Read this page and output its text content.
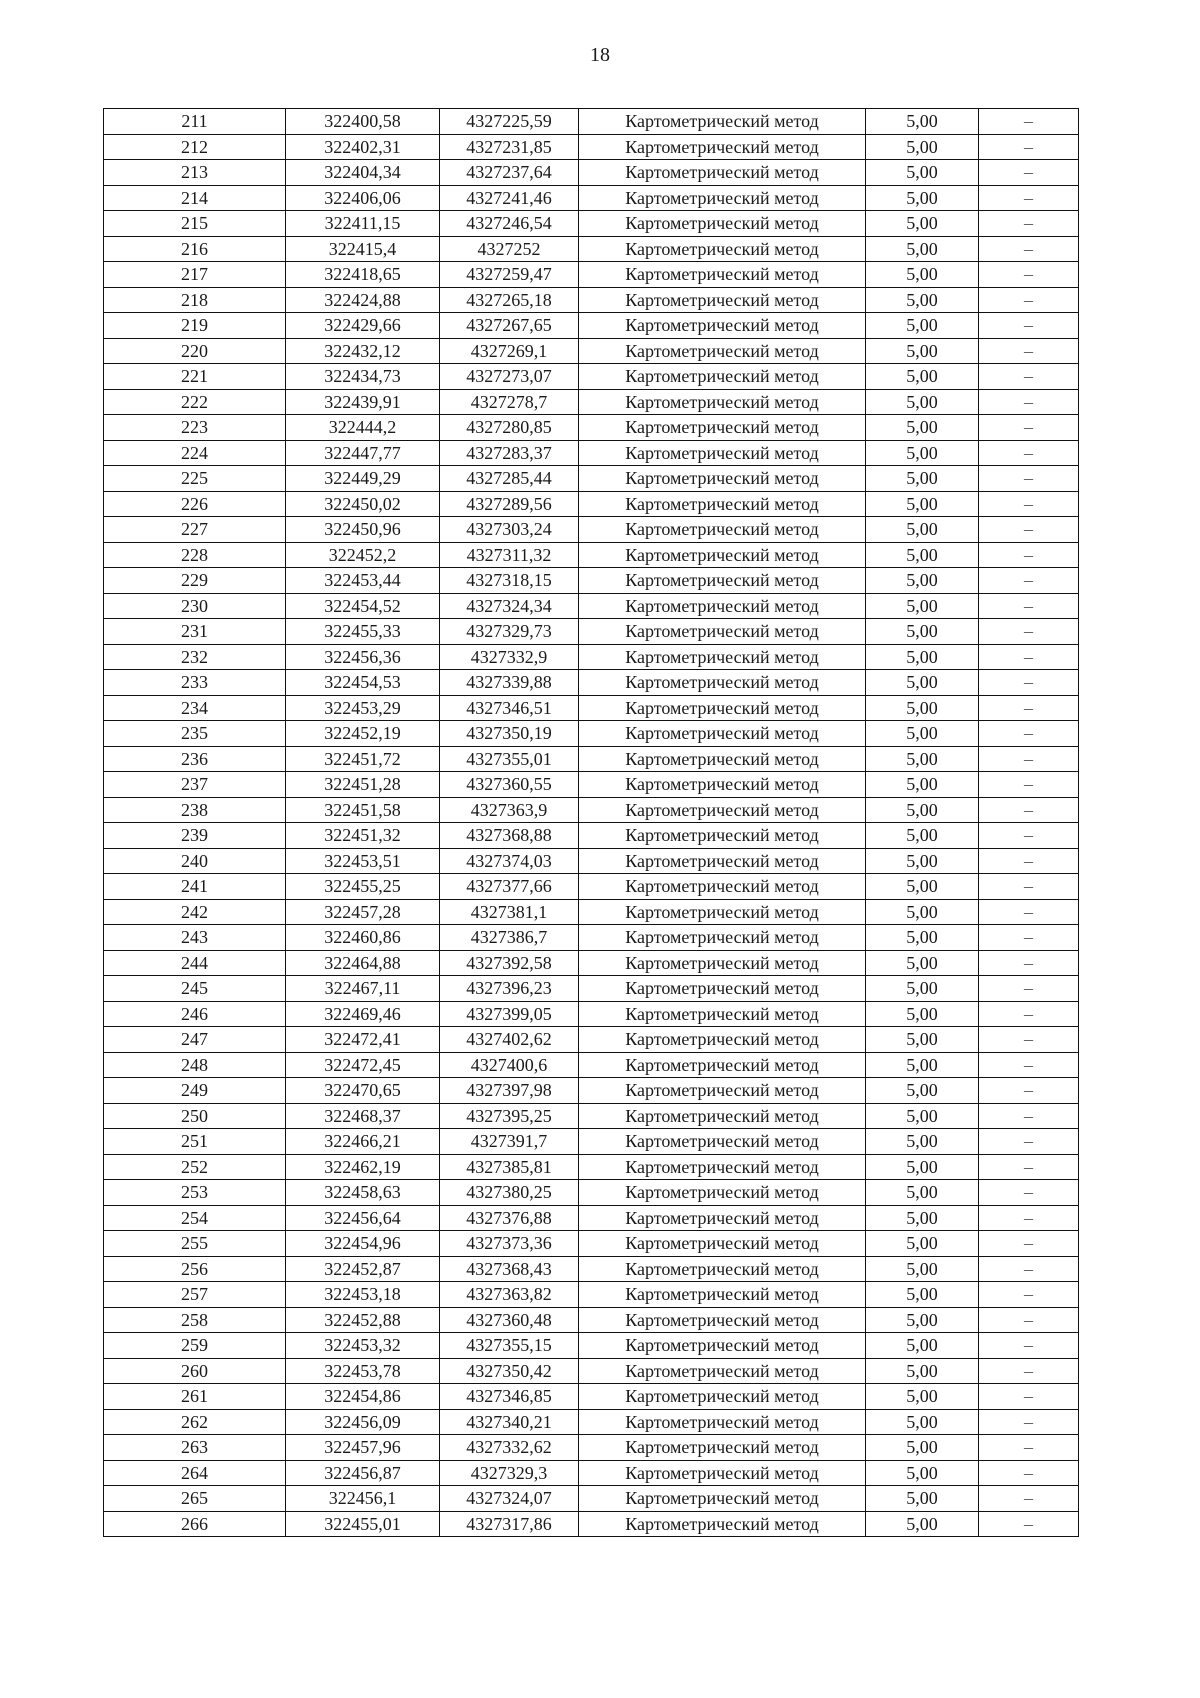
18
211	322400,58	4327225,59	Картометрический метод	5,00	–
212	322402,31	4327231,85	Картометрический метод	5,00	–
213	322404,34	4327237,64	Картометрический метод	5,00	–
214	322406,06	4327241,46	Картометрический метод	5,00	–
215	322411,15	4327246,54	Картометрический метод	5,00	–
216	322415,4	4327252	Картометрический метод	5,00	–
217	322418,65	4327259,47	Картометрический метод	5,00	–
218	322424,88	4327265,18	Картометрический метод	5,00	–
219	322429,66	4327267,65	Картометрический метод	5,00	–
220	322432,12	4327269,1	Картометрический метод	5,00	–
221	322434,73	4327273,07	Картометрический метод	5,00	–
222	322439,91	4327278,7	Картометрический метод	5,00	–
223	322444,2	4327280,85	Картометрический метод	5,00	–
224	322447,77	4327283,37	Картометрический метод	5,00	–
225	322449,29	4327285,44	Картометрический метод	5,00	–
226	322450,02	4327289,56	Картометрический метод	5,00	–
227	322450,96	4327303,24	Картометрический метод	5,00	–
228	322452,2	4327311,32	Картометрический метод	5,00	–
229	322453,44	4327318,15	Картометрический метод	5,00	–
230	322454,52	4327324,34	Картометрический метод	5,00	–
231	322455,33	4327329,73	Картометрический метод	5,00	–
232	322456,36	4327332,9	Картометрический метод	5,00	–
233	322454,53	4327339,88	Картометрический метод	5,00	–
234	322453,29	4327346,51	Картометрический метод	5,00	–
235	322452,19	4327350,19	Картометрический метод	5,00	–
236	322451,72	4327355,01	Картометрический метод	5,00	–
237	322451,28	4327360,55	Картометрический метод	5,00	–
238	322451,58	4327363,9	Картометрический метод	5,00	–
239	322451,32	4327368,88	Картометрический метод	5,00	–
240	322453,51	4327374,03	Картометрический метод	5,00	–
241	322455,25	4327377,66	Картометрический метод	5,00	–
242	322457,28	4327381,1	Картометрический метод	5,00	–
243	322460,86	4327386,7	Картометрический метод	5,00	–
244	322464,88	4327392,58	Картометрический метод	5,00	–
245	322467,11	4327396,23	Картометрический метод	5,00	–
246	322469,46	4327399,05	Картометрический метод	5,00	–
247	322472,41	4327402,62	Картометрический метод	5,00	–
248	322472,45	4327400,6	Картометрический метод	5,00	–
249	322470,65	4327397,98	Картометрический метод	5,00	–
250	322468,37	4327395,25	Картометрический метод	5,00	–
251	322466,21	4327391,7	Картометрический метод	5,00	–
252	322462,19	4327385,81	Картометрический метод	5,00	–
253	322458,63	4327380,25	Картометрический метод	5,00	–
254	322456,64	4327376,88	Картометрический метод	5,00	–
255	322454,96	4327373,36	Картометрический метод	5,00	–
256	322452,87	4327368,43	Картометрический метод	5,00	–
257	322453,18	4327363,82	Картометрический метод	5,00	–
258	322452,88	4327360,48	Картометрический метод	5,00	–
259	322453,32	4327355,15	Картометрический метод	5,00	–
260	322453,78	4327350,42	Картометрический метод	5,00	–
261	322454,86	4327346,85	Картометрический метод	5,00	–
262	322456,09	4327340,21	Картометрический метод	5,00	–
263	322457,96	4327332,62	Картометрический метод	5,00	–
264	322456,87	4327329,3	Картометрический метод	5,00	–
265	322456,1	4327324,07	Картометрический метод	5,00	–
266	322455,01	4327317,86	Картометрический метод	5,00	–
